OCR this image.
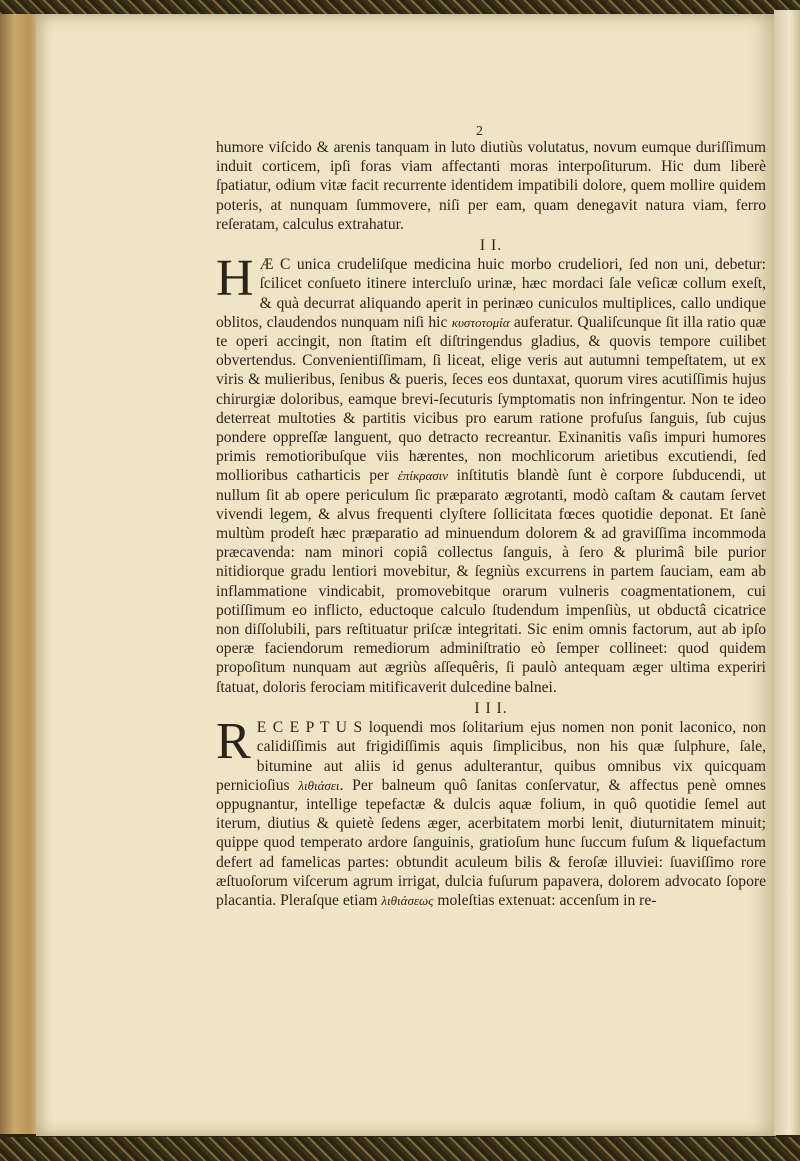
2

humore viſcido & arenis tanquam in luto diutiùs volutatus, novum eumque duriſſimum induit corticem, ipſi foras viam affectanti moras interpoſiturum. Hic dum liberè ſpatiatur, odium vitæ facit recurrente identidem impatibili dolore, quem mollire quidem poteris, at nunquam ſummovere, niſi per eam, quam denegavit natura viam, ferro reſeratam, calculus extrahatur.

I I.

H Æ C unica crudeliſque medicina huic morbo crudeliori, ſed non uni, debetur: ſcilicet conſueto itinere intercluſo urinæ, hæc mordaci ſale veſicæ collum exeſt, & quà decurrat aliquando aperit in perinæo cuniculos multiplices, callo undique oblitos, claudendos nunquam niſi hic κυστοτομία auferatur. Qualiſcunque ſit illa ratio quæ te operi accingit, non ſtatim eſt diſtringendus gladius, & quovis tempore cuilibet obvertendus. Convenientiſſimam, ſi liceat, elige veris aut autumni tempeſtatem, ut ex viris & mulieribus, ſenibus & pueris, ſeces eos duntaxat, quorum vires acutiſſimis hujus chirurgiæ doloribus, eamque brevi-ſecuturis ſymptomatis non infringentur. Non te ideo deterreat multoties & partitis vicibus pro earum ratione profuſus ſanguis, ſub cujus pondere oppreſſæ languent, quo detracto recreantur. Exinanitis vaſis impuri humores primis remotioribuſque viis hærentes, non mochlicorum arietibus excutiendi, ſed mollioribus catharticis per ἐπίκρασιν inſtitutis blandè ſunt è corpore ſubducendi, ut nullum ſit ab opere periculum ſic præparato ægrotanti, modò caſtam & cautam ſervet vivendi legem, & alvus frequenti clyſtere ſollicitata fœces quotidie deponat. Et ſanè multùm prodeſt hæc præparatio ad minuendum dolorem & ad graviſſima incommoda præcavenda: nam minori copiâ collectus ſanguis, à ſero & plurimâ bile purior nitidiorque gradu lentiori movebitur, & ſegniùs excurrens in partem ſauciam, eam ab inflammatione vindicabit, promovebitque orarum vulneris coagmentationem, cui potiſſimum eo inflicto, eductoque calculo ſtudendum impenſiùs, ut obductâ cicatrice non diſſolubili, pars reſtituatur priſcæ integritati. Sic enim omnis factorum, aut ab ipſo operæ faciendorum remediorum adminiſtratio eò ſemper collineet: quod quidem propoſitum nunquam aut ægriùs aſſequêris, ſi paulò antequam æger ultima experiri ſtatuat, doloris ferociam mitificaverit dulcedine balnei.

I I I.

R E C E P T U S loquendi mos ſolitarium ejus nomen non ponit laconico, non calidiſſimis aut frigidiſſimis aquis ſimplicibus, non his quæ ſulphure, ſale, bitumine aut aliis id genus adulterantur, quibus omnibus vix quicquam pernicioſius λιθιάσει. Per balneum quô ſanitas conſervatur, & affectus penè omnes oppugnantur, intellige tepefactæ & dulcis aquæ folium, in quô quotidie ſemel aut iterum, diutius & quietè ſedens æger, acerbitatem morbi lenit, diuturnitatem minuit; quippe quod temperato ardore ſanguinis, gratioſum hunc ſuccum fuſum & liquefactum defert ad famelicas partes: obtundit aculeum bilis & feroſæ illuviei: ſuaviſſimo rore æſtuoſorum viſcerum agrum irrigat, dulcia fuſurum papavera, dolorem advocato ſopore placantia. Pleraſque etiam λιθιάσεως moleſtias extenuat: accenſum in re-
